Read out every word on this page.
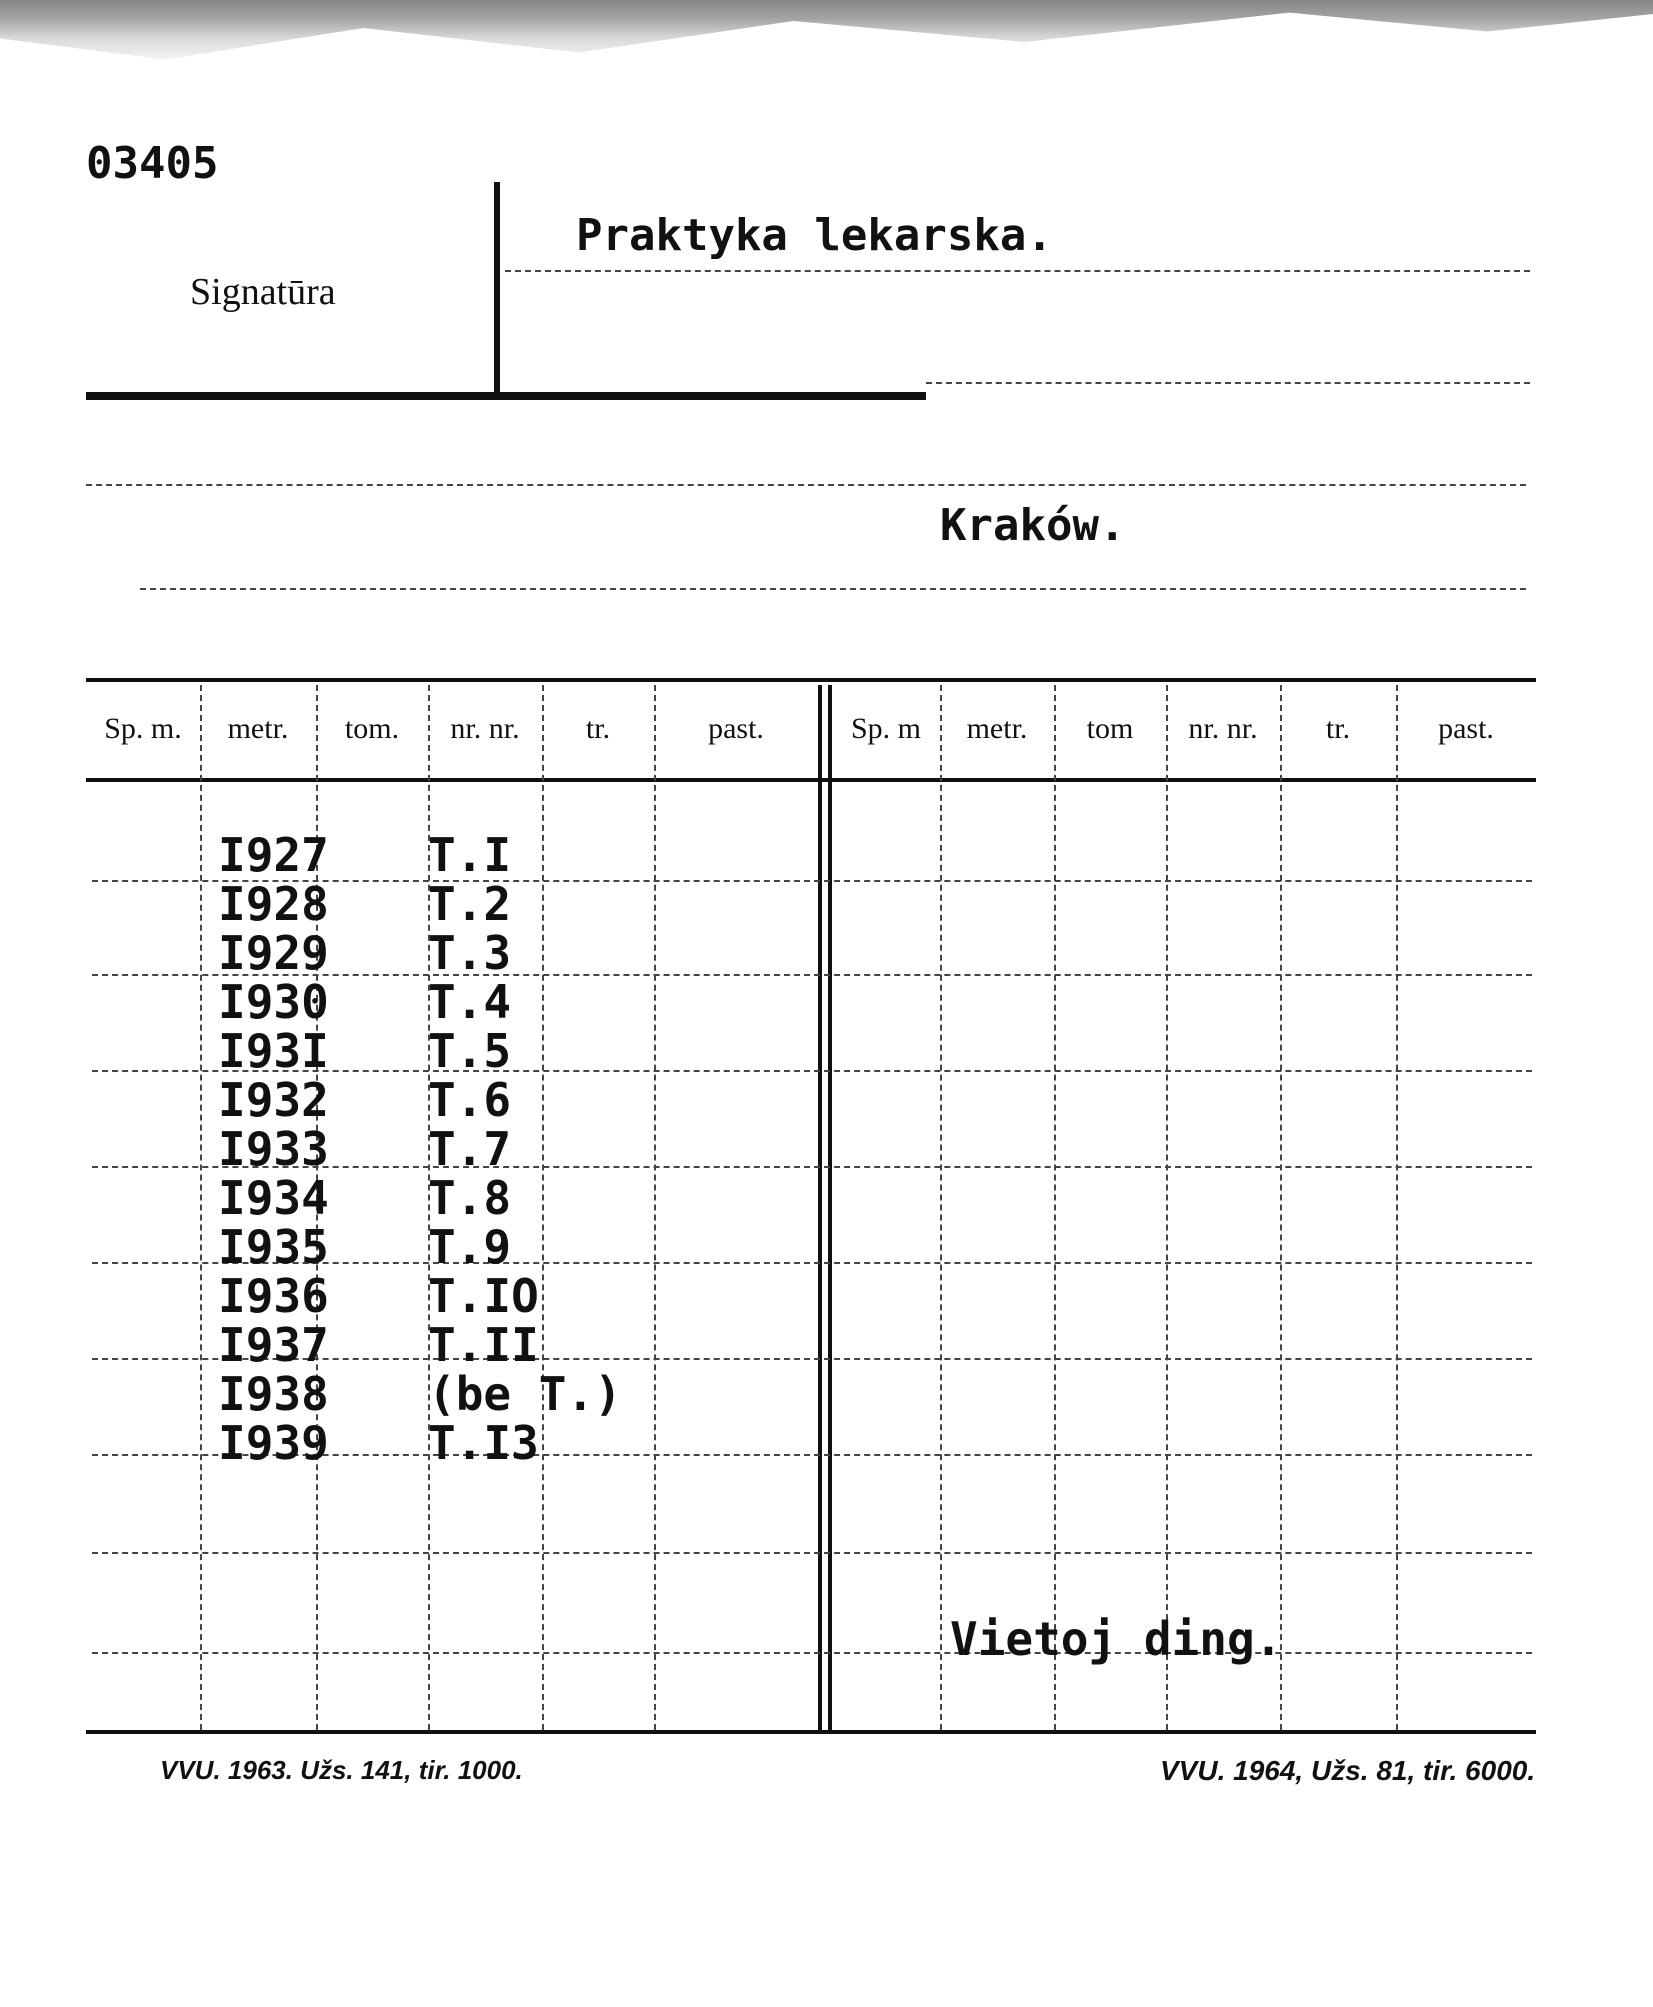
03405
Signatūra
Praktyka lekarska.
Kraków.
Sp. m.	metr.	tom.	nr. nr.	tr.	past.	Sp. m	metr.	tom	nr. nr.	tr.	past.
I927 T.I
I928 T.2
I929 T.3
I930 T.4
I93I T.5
I932 T.6
I933 T.7
I934 T.8
I935 T.9
I936 T.IO
I937 T.II
I938 (be T.)
I939 T.I3
Vietoj ding.
VVU. 1963. Užs. 141, tir. 1000.	VVU. 1964, Užs. 81, tir. 6000.
